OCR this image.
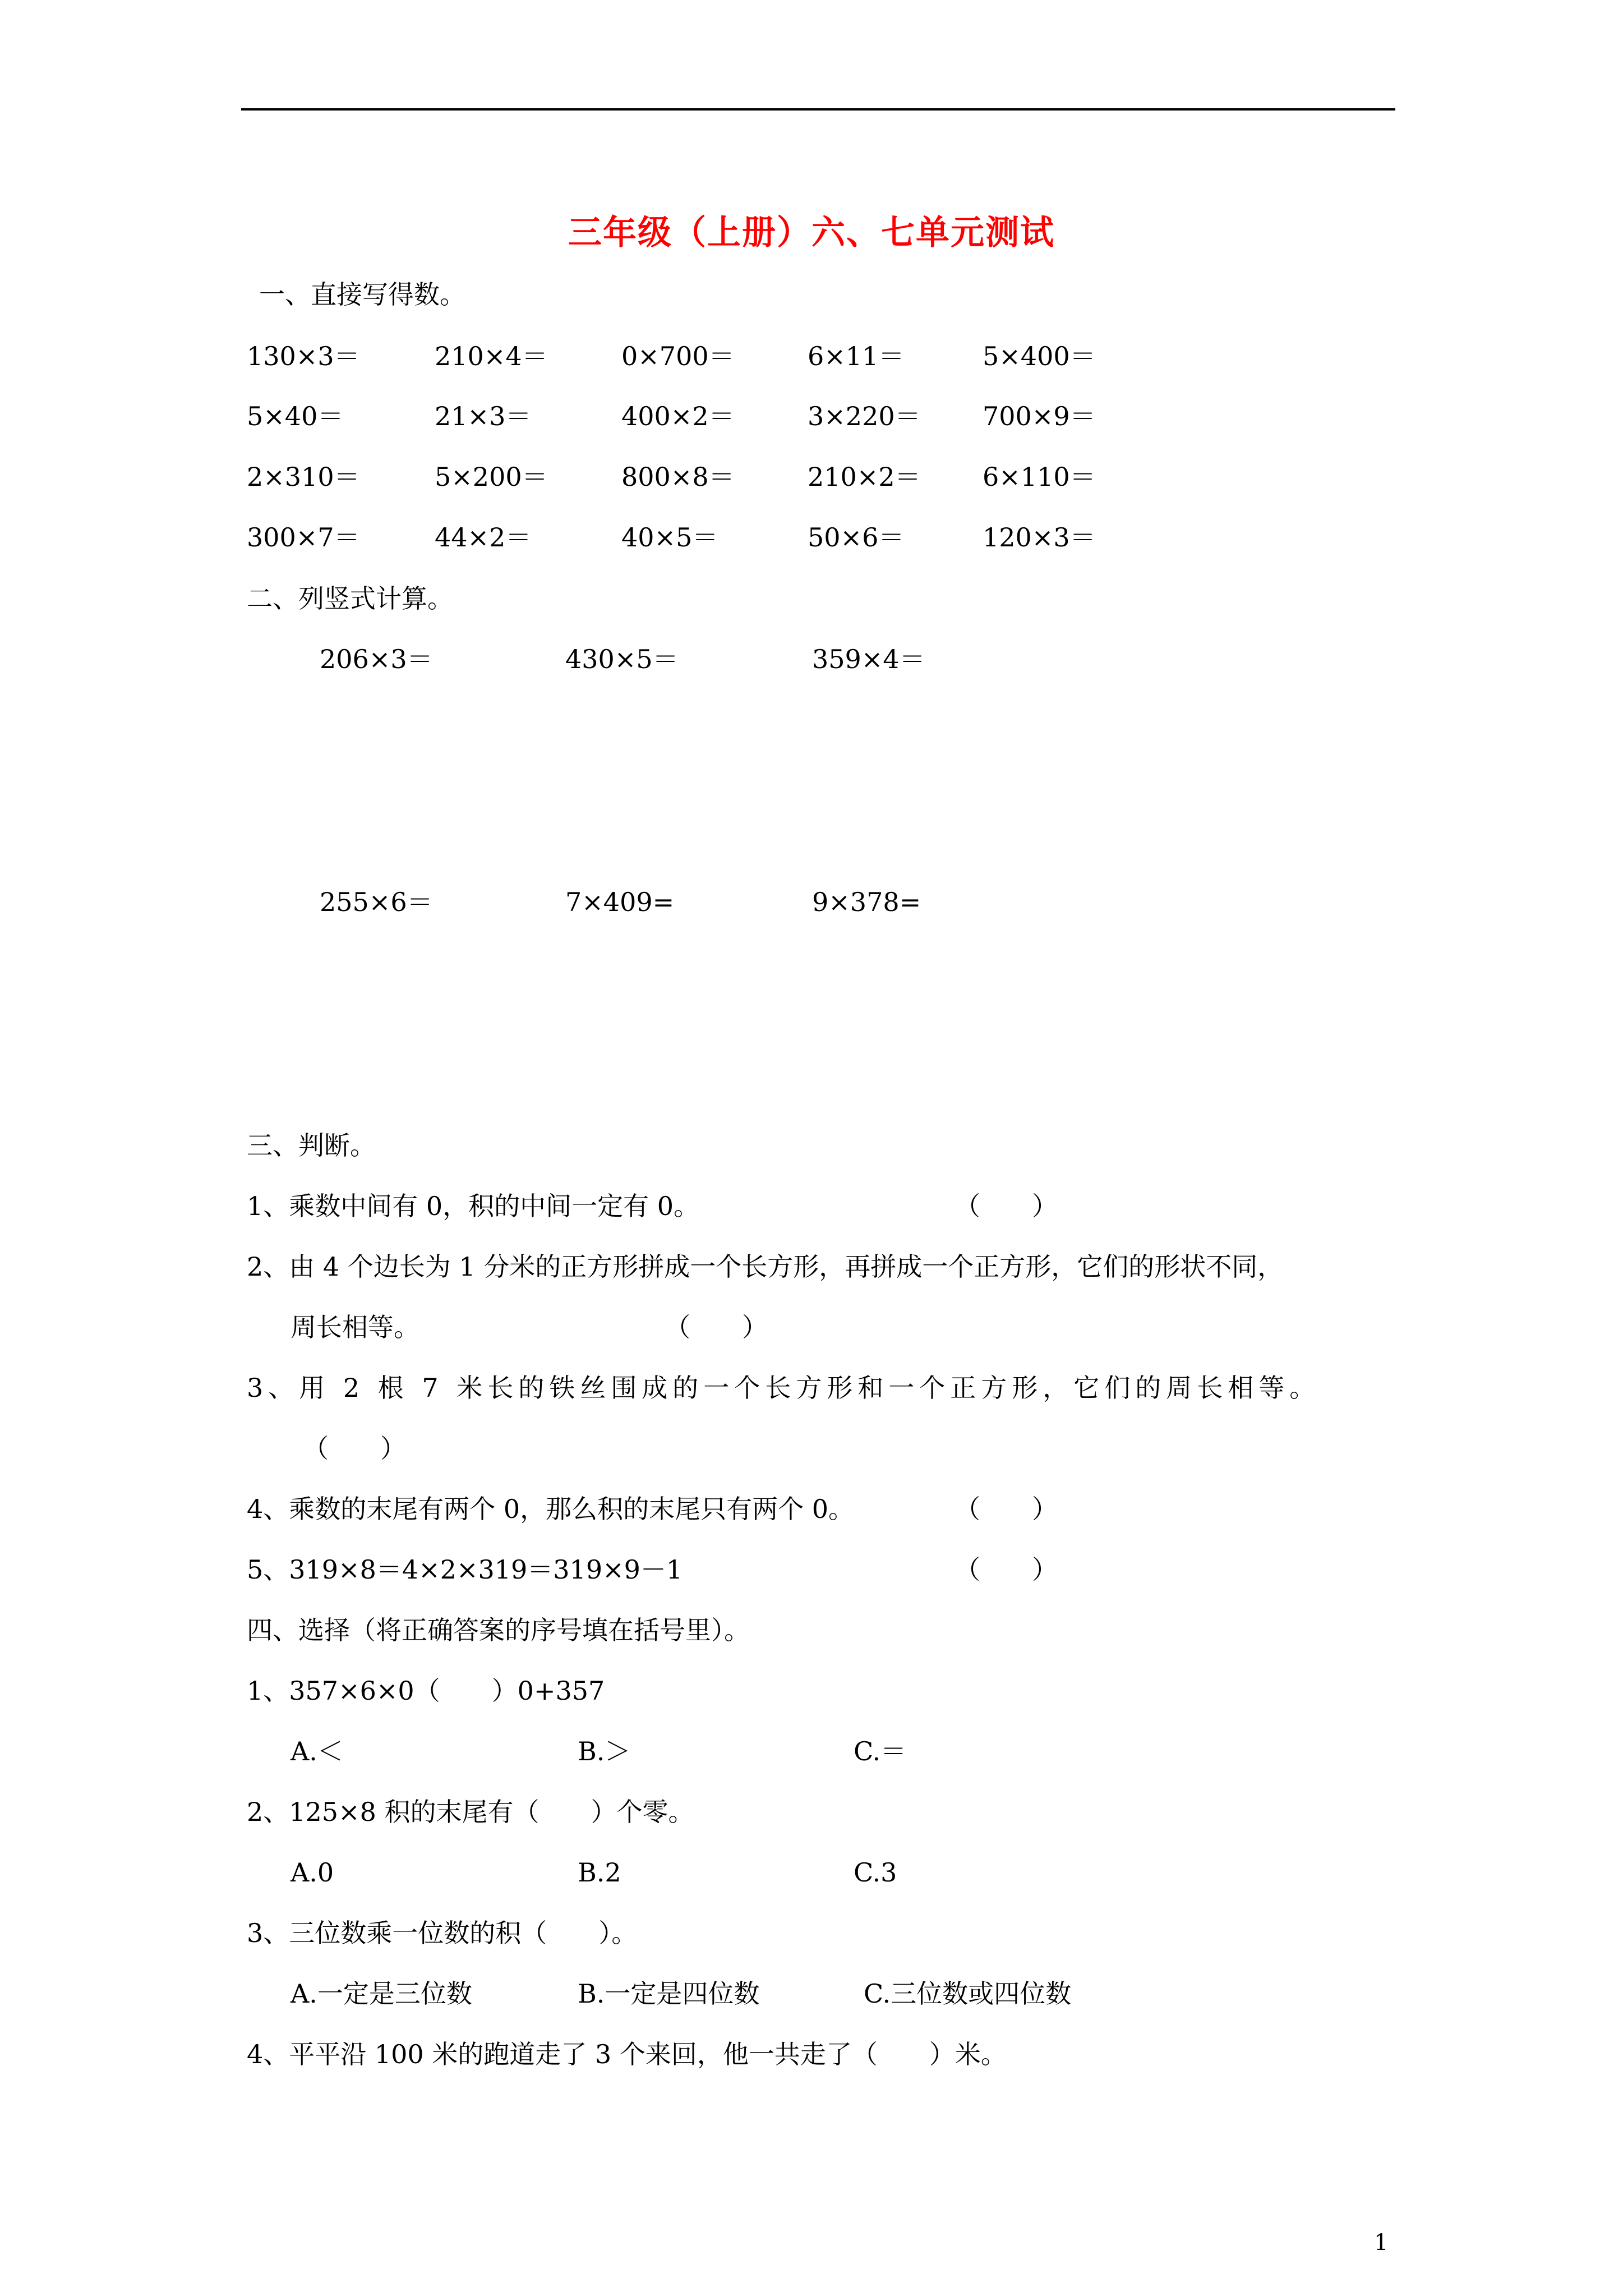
三年级（上册）六、七单元测试
一、直接写得数。
130×3＝	210×4＝	0×700＝	6×11＝	5×400＝
5×40＝	21×3＝	400×2＝	3×220＝ 700×9＝
2×310＝	5×200＝	800×8＝	210×2＝ 6×110＝
300×7＝	44×2＝	40×5＝	50×6＝	120×3＝
二、列竖式计算。
206×3＝	430×5＝	359×4＝
255×6＝	7×409=	9×378=
三、判断。
1、乘数中间有 0，积的中间一定有 0。	（　　）
2、由 4 个边长为 1 分米的正方形拼成一个长方形，再拼成一个正方形，它们的形状不同，
周长相等。	（　　）
3、用 2 根 7 米长的铁丝围成的一个长方形和一个正方形，它们的周长相等。
（　　）
4、乘数的末尾有两个 0，那么积的末尾只有两个 0。	（　　）
5、319×8＝4×2×319＝319×9－1	（　　）
四、选择（将正确答案的序号填在括号里）。
1、357×6×0（　　）0+357
A.＜	B.＞	C.＝
2、125×8 积的末尾有（　　）个零。
A.0	B.2	C.3
3、三位数乘一位数的积（　　）。
A.一定是三位数	B.一定是四位数	C.三位数或四位数
4、平平沿 100 米的跑道走了 3 个来回，他一共走了（　　）米。
1
